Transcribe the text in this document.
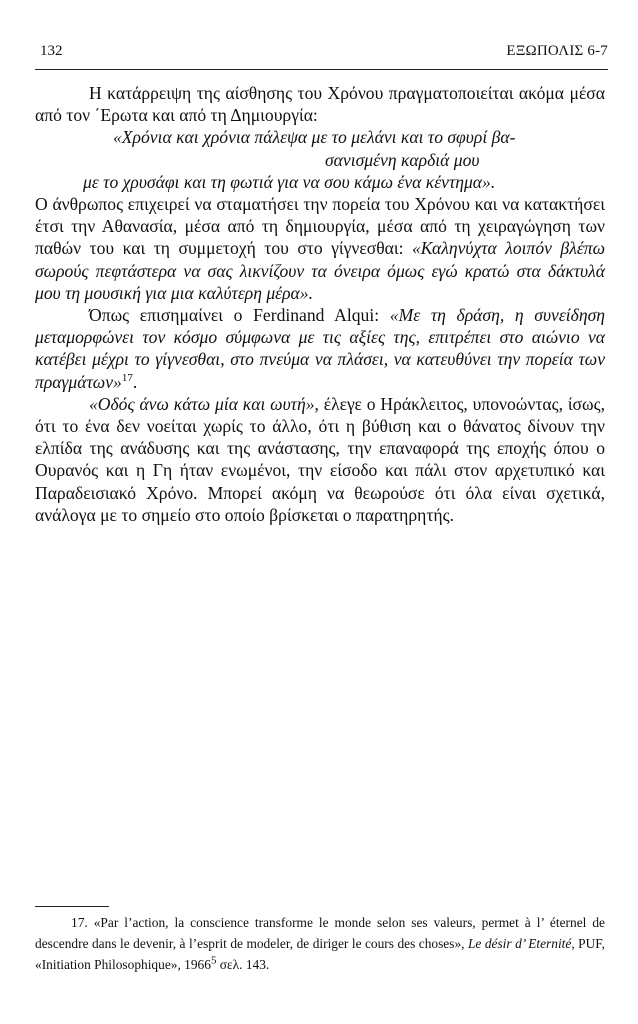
132	ΕΞΩΠΟΛΙΣ 6-7

Η κατάρρειψη της αίσθησης του Χρόνου πραγματοποιείται ακόμα μέσα από τον ΄Ερωτα και από τη Δημιουργία:

«Χρόνια και χρόνια πάλεψα με το μελάνι και το σφυρί βα-
σανισμένη καρδιά μου
με το χρυσάφι και τη φωτιά για να σου κάμω ένα κέντημα».

Ο άνθρωπος επιχειρεί να σταματήσει την πορεία του Χρόνου και να κατακτήσει έτσι την Αθανασία, μέσα από τη δημιουργία, μέσα από τη χειραγώγηση των παθών του και τη συμμετοχή του στο γίγνεσθαι: «Καληνύχτα λοιπόν βλέπω σωρούς πεφτάστερα να σας λικνίζουν τα όνειρα όμως εγώ κρατώ στα δάκτυλά μου τη μουσική για μια καλύτερη μέρα».

Όπως επισημαίνει ο Ferdinand Alqui: «Με τη δράση, η συνείδηση μεταμορφώνει τον κόσμο σύμφωνα με τις αξίες της, επιτρέπει στο αιώνιο να κατέβει μέχρι το γίγνεσθαι, στο πνεύμα να πλάσει, να κατευθύνει την πορεία των πραγμάτων»$^{17}$.

«Οδός άνω κάτω μία και ωυτή», έλεγε ο Ηράκλειτος, υπονοώντας, ίσως, ότι το ένα δεν νοείται χωρίς το άλλο, ότι η βύθιση και ο θάνατος δίνουν την ελπίδα της ανάδυσης και της ανάστασης, την επαναφορά της εποχής όπου ο Ουρανός και η Γη ήταν ενωμένοι, την είσοδο και πάλι στον αρχετυπικό και Παραδεισιακό Χρόνο. Μπορεί ακόμη να θεωρούσε ότι όλα είναι σχετικά, ανάλογα με το σημείο στο οποίο βρίσκεται ο παρατηρητής.

17. «Par l’action, la conscience transforme le monde selon ses valeurs, permet à l’ éternel de descendre dans le devenir, à l’esprit de modeler, de diriger le cours des choses», Le désir d’ Eternité, PUF, «Initiation Philosophique», 1966$^5$ σελ. 143.
